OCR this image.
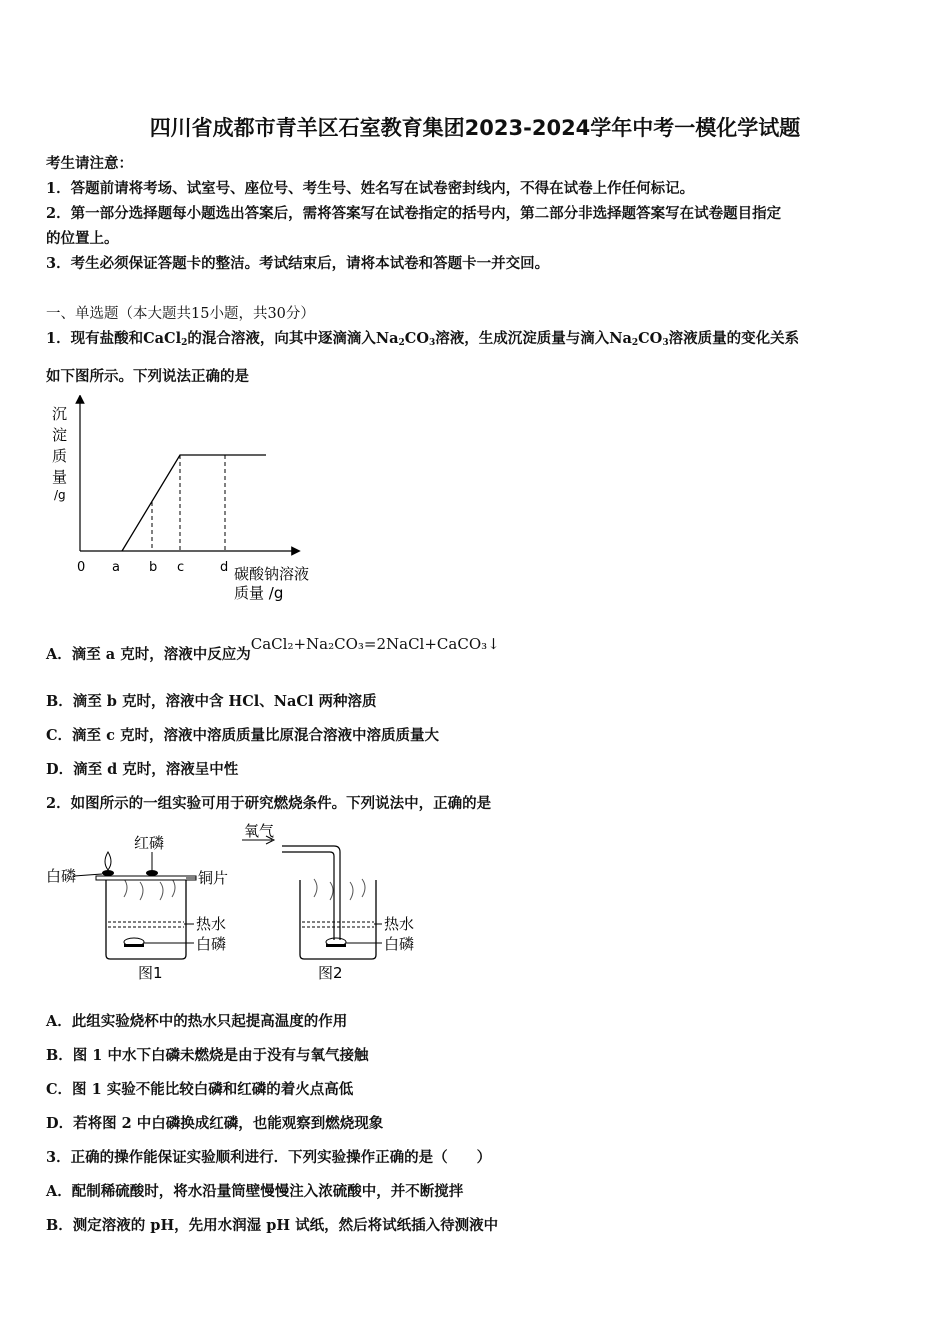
四川省成都市青羊区石室教育集团2023-2024学年中考一模化学试题
考生请注意：
1．答题前请将考场、试室号、座位号、考生号、姓名写在试卷密封线内，不得在试卷上作任何标记。
2．第一部分选择题每小题选出答案后，需将答案写在试卷指定的括号内，第二部分非选择题答案写在试卷题目指定
的位置上。
3．考生必须保证答题卡的整洁。考试结束后，请将本试卷和答题卡一并交回。
一、单选题（本大题共15小题，共30分）
1．现有盐酸和CaCl$_2$的混合溶液，向其中逐滴滴入$Na_2CO_3$溶液，生成沉淀质量与滴入$Na_2CO_3$溶液质量的变化关系
如下图所示。下列说法正确的是
沉
淀
质
量
/g
0 a b c	d 碳酸钠溶液
质量 /g
A．滴至 a 克时，溶液中反应为CaCl₂+Na₂CO₃=2NaCl+CaCO₃↓
B．滴至 b 克时，溶液中含 HCl、NaCl 两种溶质
C．滴至 c 克时，溶液中溶质质量比原混合溶液中溶质质量大
D．滴至 d 克时，溶液呈中性
2．如图所示的一组实验可用于研究燃烧条件。下列说法中，正确的是
白磷
红磷
铜片
热水
白磷
图1
氧气
热水
白磷
图2
A．此组实验烧杯中的热水只起提高温度的作用
B．图 1 中水下白磷未燃烧是由于没有与氧气接触
C．图 1 实验不能比较白磷和红磷的着火点高低
D．若将图 2 中白磷换成红磷，也能观察到燃烧现象
3．正确的操作能保证实验顺利进行．下列实验操作正确的是（　　）
A．配制稀硫酸时，将水沿量筒壁慢慢注入浓硫酸中，并不断搅拌
B．测定溶液的 pH，先用水润湿 pH 试纸，然后将试纸插入待测液中
